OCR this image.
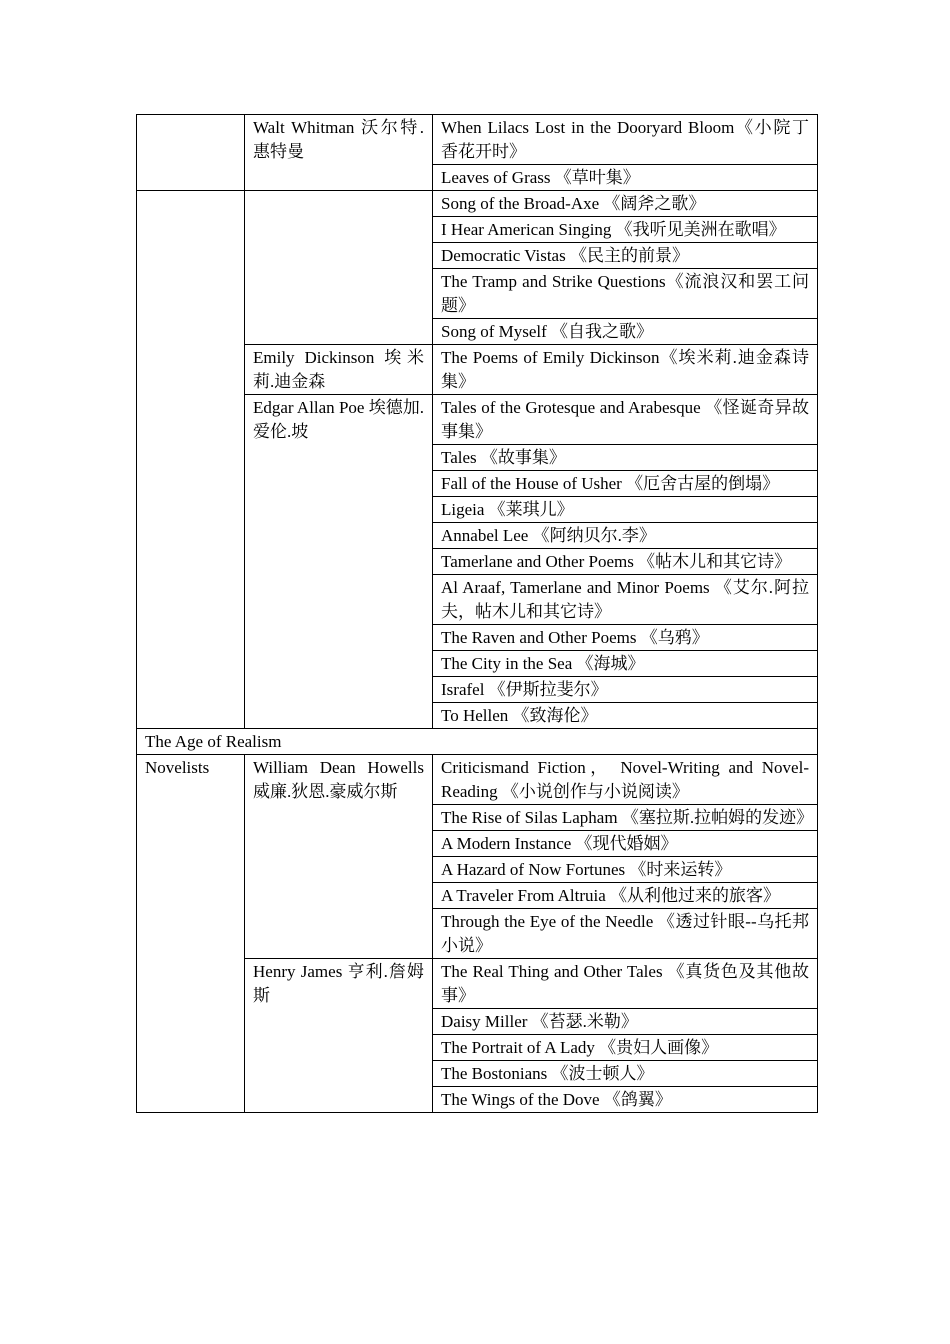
	Walt Whitman 沃尔特.惠特曼	When Lilacs Lost in the Dooryard Bloom《小院丁香花开时》
		Leaves of Grass 《草叶集》
		Song of the Broad-Axe 《阔斧之歌》
		I Hear American Singing 《我听见美洲在歌唱》
		Democratic Vistas 《民主的前景》
		The Tramp and Strike Questions《流浪汉和罢工问题》
		Song of Myself 《自我之歌》
	Emily Dickinson 埃米莉.迪金森	The Poems of Emily Dickinson《埃米莉.迪金森诗集》
	Edgar Allan Poe 埃德加.爱伦.坡	Tales of the Grotesque and Arabesque 《怪诞奇异故事集》
		Tales 《故事集》
		Fall of the House of Usher 《厄舍古屋的倒塌》
		Ligeia 《莱琪儿》
		Annabel Lee 《阿纳贝尔.李》
		Tamerlane and Other Poems 《帖木儿和其它诗》
		Al Araaf, Tamerlane and Minor Poems 《艾尔.阿拉夫，帖木儿和其它诗》
		The Raven and Other Poems 《乌鸦》
		The City in the Sea 《海城》
		Israfel 《伊斯拉斐尔》
		To Hellen 《致海伦》
The Age of Realism		
Novelists	William Dean Howells 威廉.狄恩.豪威尔斯	Criticismand Fiction， Novel-Writing and Novel-Reading 《小说创作与小说阅读》
		The Rise of Silas Lapham 《塞拉斯.拉帕姆的发迹》
		A Modern Instance 《现代婚姻》
		A Hazard of Now Fortunes 《时来运转》
		A Traveler From Altruia 《从利他过来的旅客》
		Through the Eye of the Needle 《透过针眼--乌托邦小说》
	Henry James 亨利.詹姆斯	The Real Thing and Other Tales 《真货色及其他故事》
		Daisy Miller 《苔瑟.米勒》
		The Portrait of A Lady 《贵妇人画像》
		The Bostonians 《波士顿人》
		The Wings of the Dove 《鸽翼》
